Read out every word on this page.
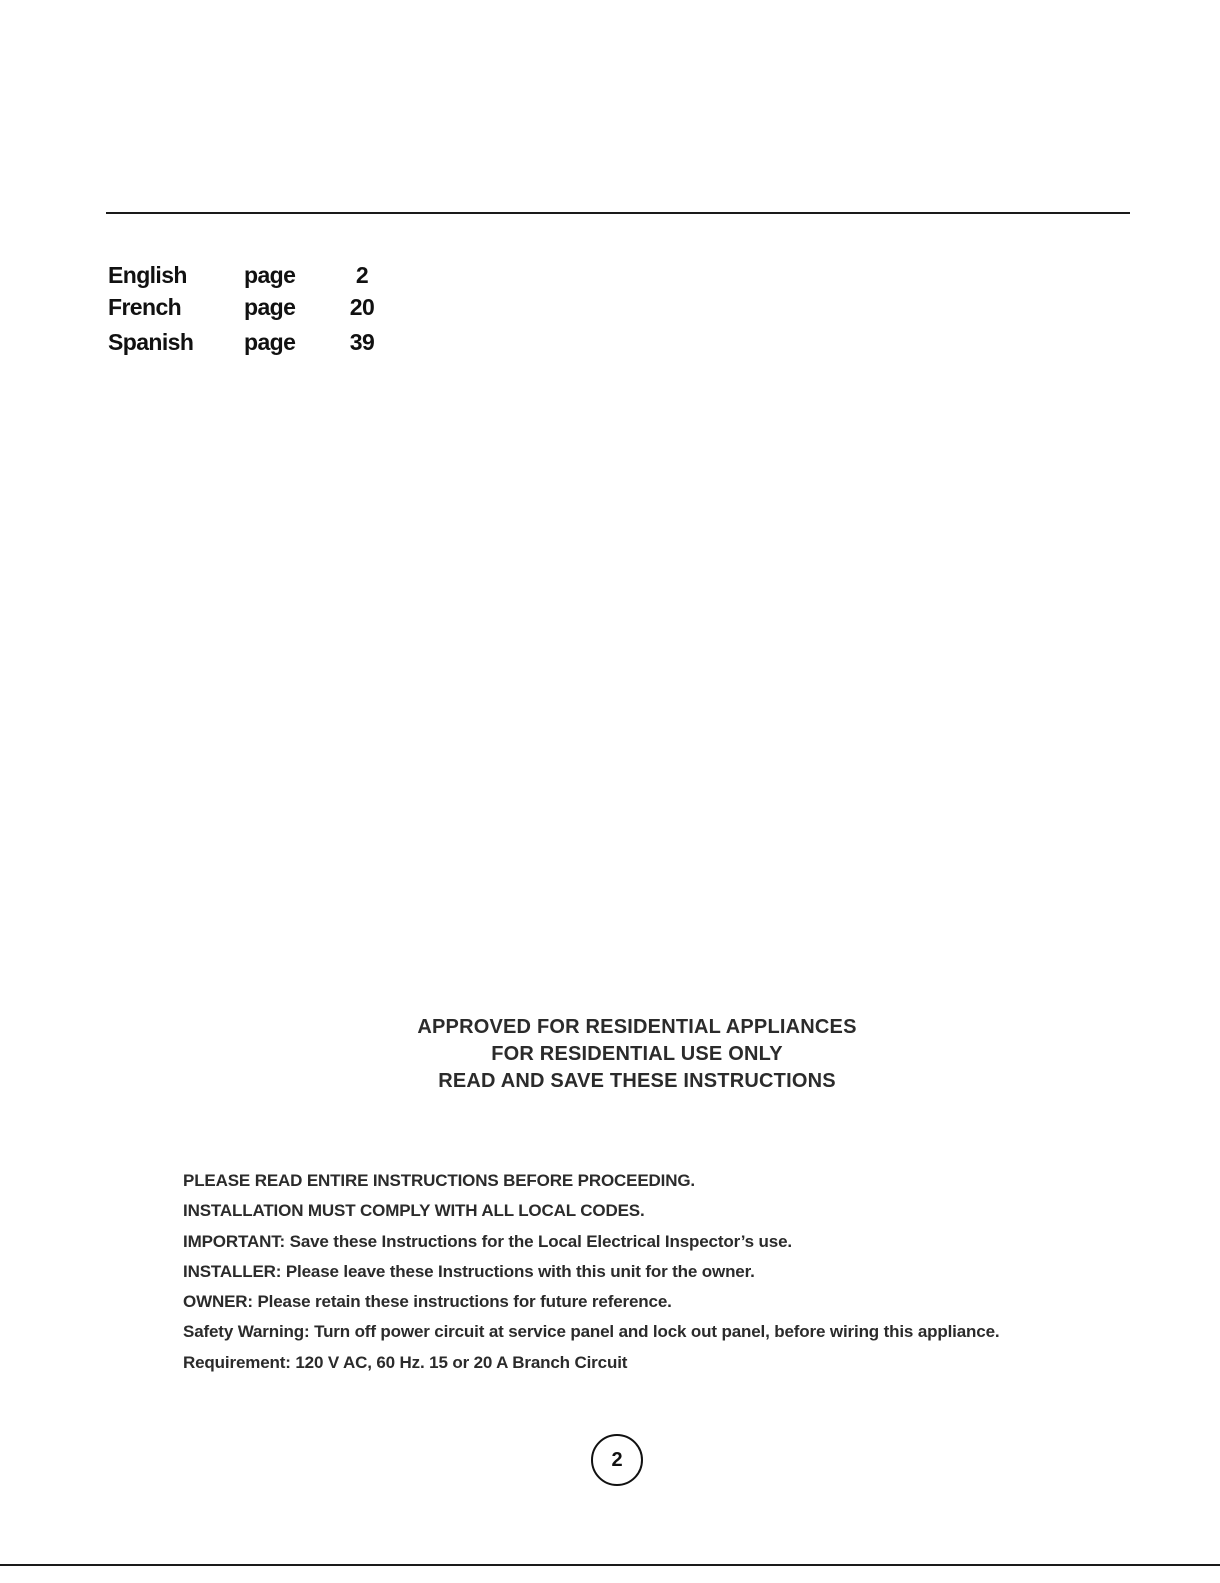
English page	2
French	page 20
Spanish page 39
APPROVED FOR RESIDENTIAL APPLIANCES
FOR RESIDENTIAL USE ONLY
READ AND SAVE THESE INSTRUCTIONS
PLEASE READ ENTIRE INSTRUCTIONS BEFORE PROCEEDING.
INSTALLATION MUST COMPLY WITH ALL LOCAL CODES.
IMPORTANT: Save these Instructions for the Local Electrical Inspector’s use.
INSTALLER: Please leave these Instructions with this unit for the owner.
OWNER: Please retain these instructions for future reference.
Safety Warning: Turn off power circuit at service panel and lock out panel, before wiring this appliance.
Requirement: 120 V AC, 60 Hz. 15 or 20 A Branch Circuit
2
